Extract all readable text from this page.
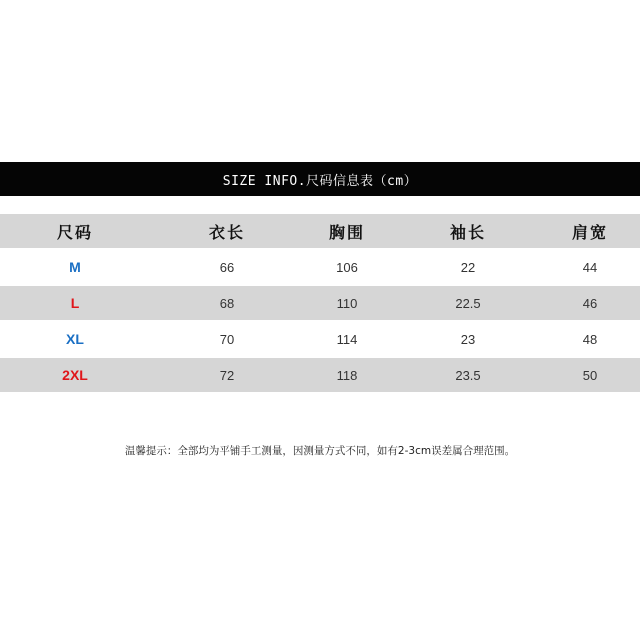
SIZE INFO.尺码信息表（cm）
尺码	衣长	胸围	袖长	肩宽
M	66	106	22	44
L	68	110	22.5	46
XL	70	114	23	48
2XL	72	118	23.5	50
温馨提示：全部均为平铺手工测量，因测量方式不同，如有2-3cm误差属合理范围。
